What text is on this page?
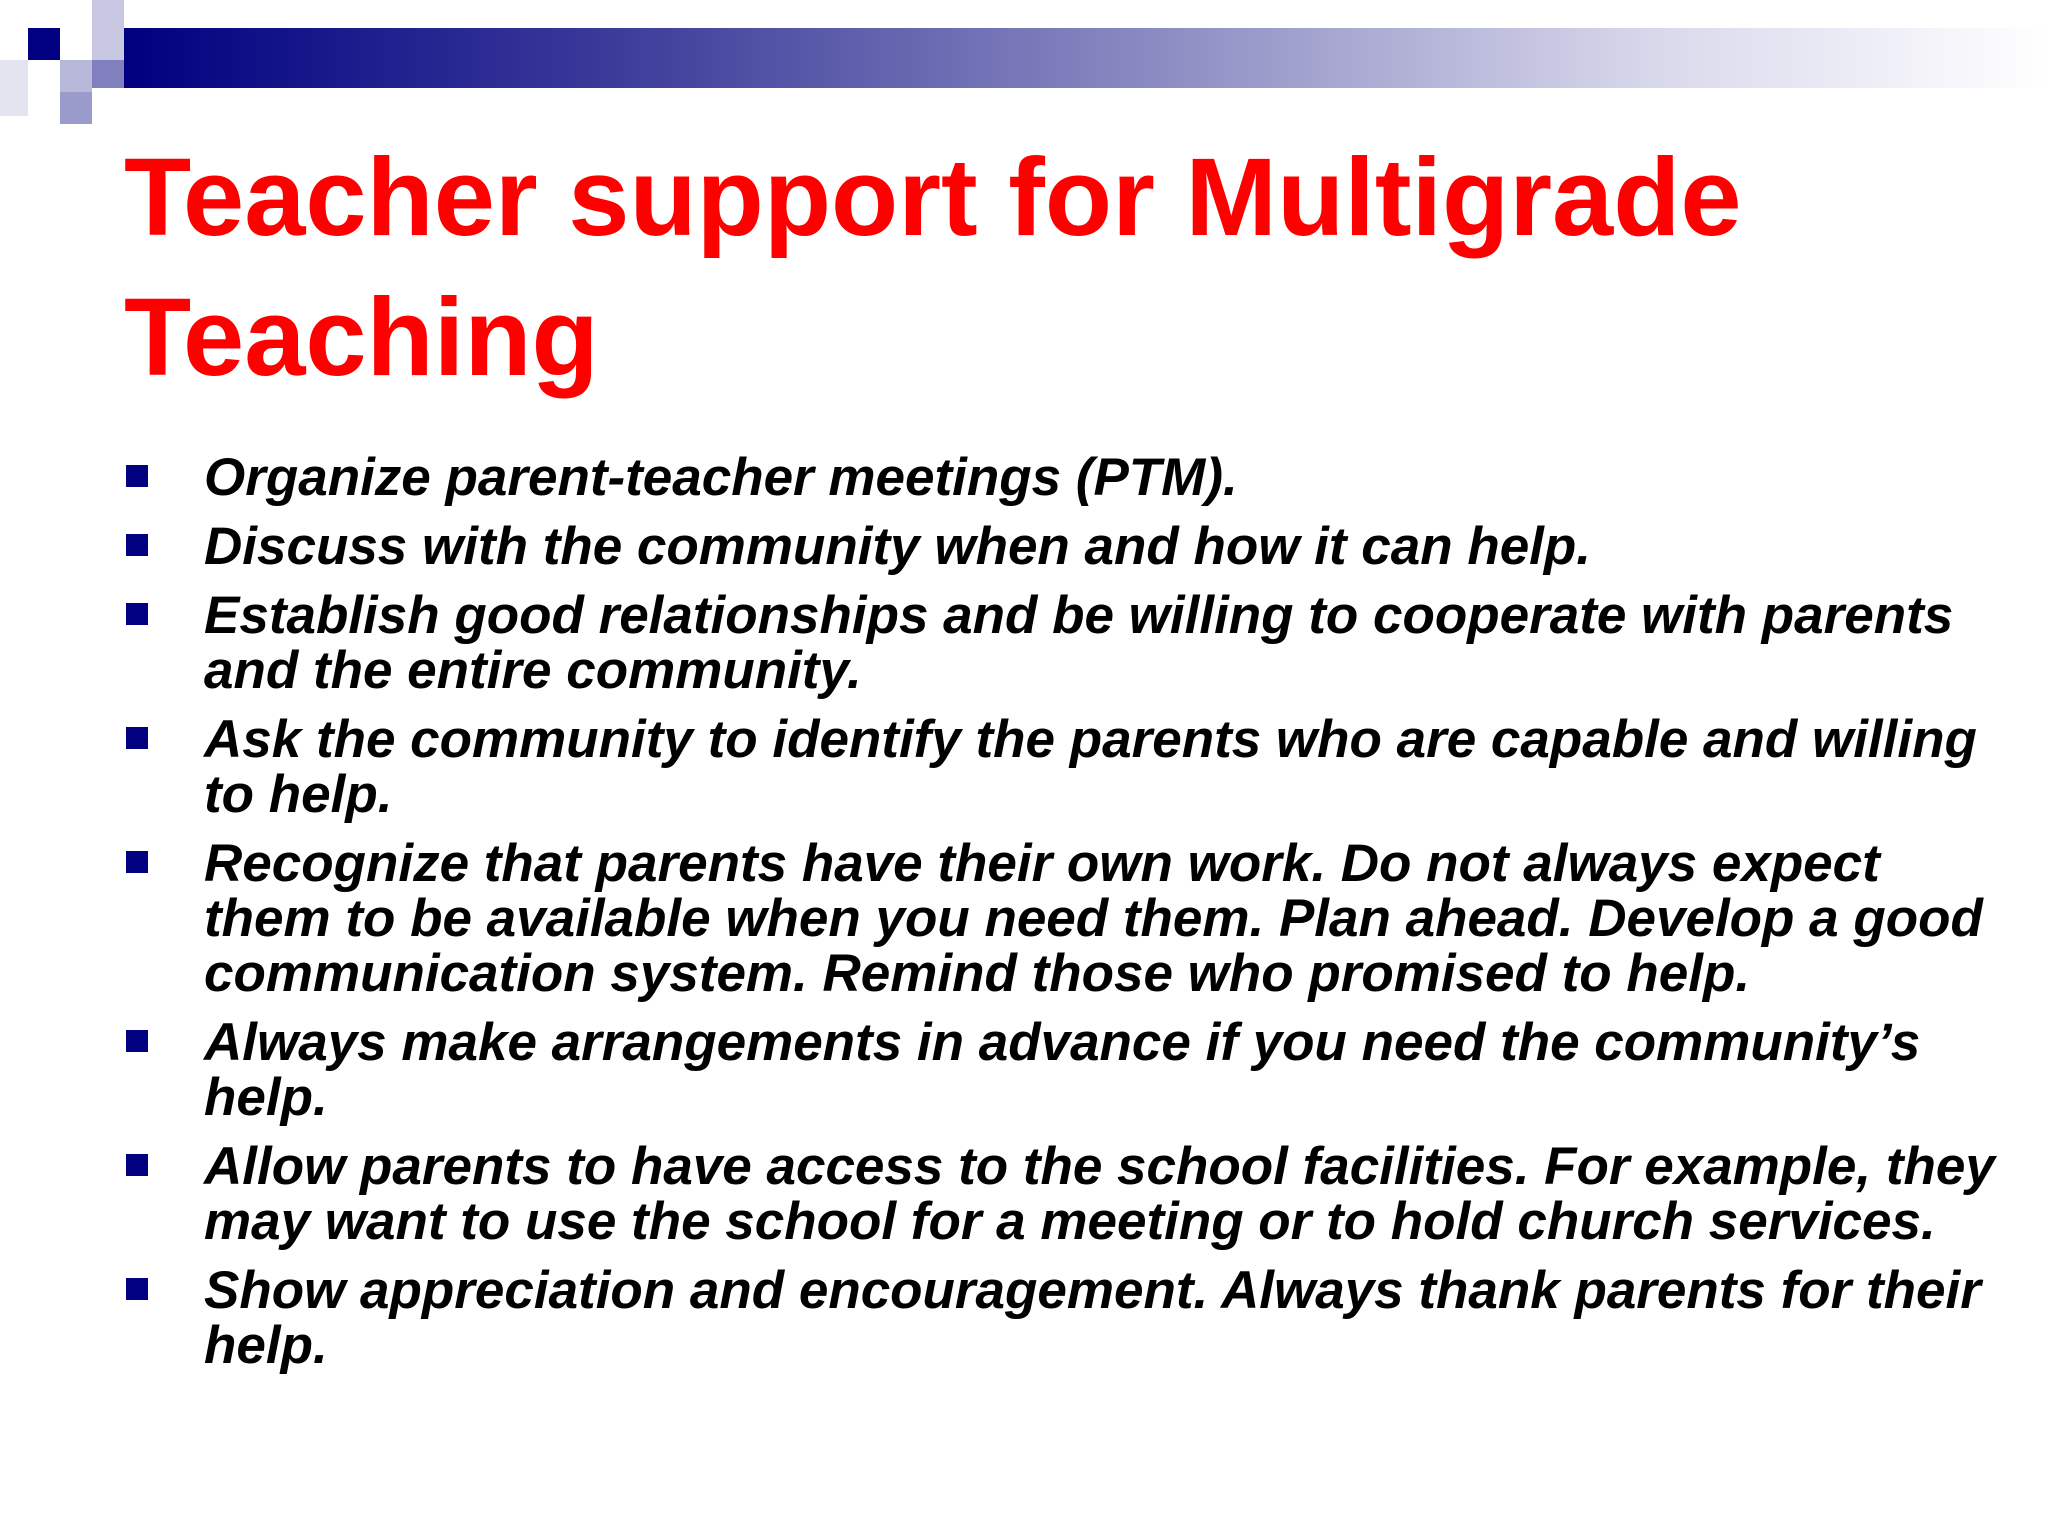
Teacher support for Multigrade Teaching
Organize parent-teacher meetings (PTM).
Discuss with the community when and how it can help.
Establish good relationships and be willing to cooperate with parents and the entire community.
Ask the community to identify the parents who are capable and willing to help.
Recognize that parents have their own work. Do not always expect them to be available when you need them. Plan ahead. Develop a good communication system. Remind those who promised to help.
Always make arrangements in advance if you need the community’s help.
Allow parents to have access to the school facilities. For example, they may want to use the school for a meeting or to hold church services.
Show appreciation and encouragement. Always thank parents for their help.
